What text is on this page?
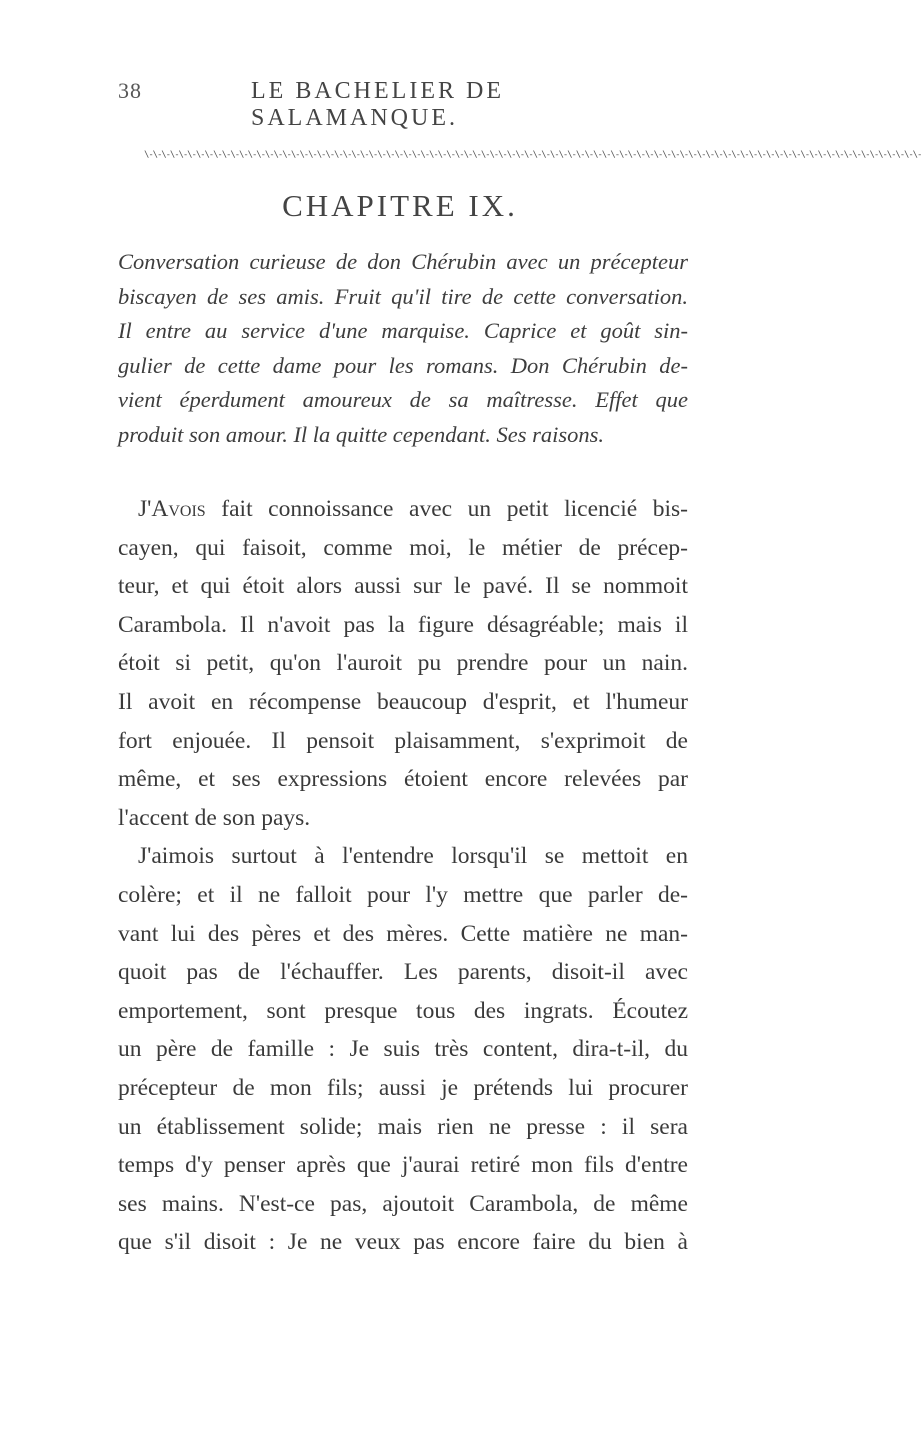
38	LE BACHELIER DE SALAMANQUE.
\-\-\-\-\-\-\-\-\-\-\-\-\-\-\-\-\-\-\-\-\-\-\-\-\-\-\-\-\-\-\-\-\-\-\-\-\-\-\-\-\-\-\-\-\-\-\-\-\-\-\-\-\-\-\-\-\-\-\-\-\-\-\-\-\-\-\-\-\-\-\-\-\-\-\-\-\-\-\-\-\-\-\-\-\-\-\-\-\-\-
CHAPITRE IX.
Conversation curieuse de don Chérubin avec un précepteur
biscayen de ses amis. Fruit qu'il tire de cette conversation.
Il entre au service d'une marquise. Caprice et goût sin-
gulier de cette dame pour les romans. Don Chérubin de-
vient éperdument amoureux de sa maîtresse. Effet que
produit son amour. Il la quitte cependant. Ses raisons.
J'Avois fait connoissance avec un petit licencié bis-
cayen, qui faisoit, comme moi, le métier de précep-
teur, et qui étoit alors aussi sur le pavé. Il se nommoit
Carambola. Il n'avoit pas la figure désagréable; mais il
étoit si petit, qu'on l'auroit pu prendre pour un nain.
Il avoit en récompense beaucoup d'esprit, et l'humeur
fort enjouée. Il pensoit plaisamment, s'exprimoit de
même, et ses expressions étoient encore relevées par
l'accent de son pays.
J'aimois surtout à l'entendre lorsqu'il se mettoit en
colère; et il ne falloit pour l'y mettre que parler de-
vant lui des pères et des mères. Cette matière ne man-
quoit pas de l'échauffer. Les parents, disoit-il avec
emportement, sont presque tous des ingrats. Écoutez
un père de famille : Je suis très content, dira-t-il, du
précepteur de mon fils; aussi je prétends lui procurer
un établissement solide; mais rien ne presse : il sera
temps d'y penser après que j'aurai retiré mon fils d'entre
ses mains. N'est-ce pas, ajoutoit Carambola, de même
que s'il disoit : Je ne veux pas encore faire du bien à
